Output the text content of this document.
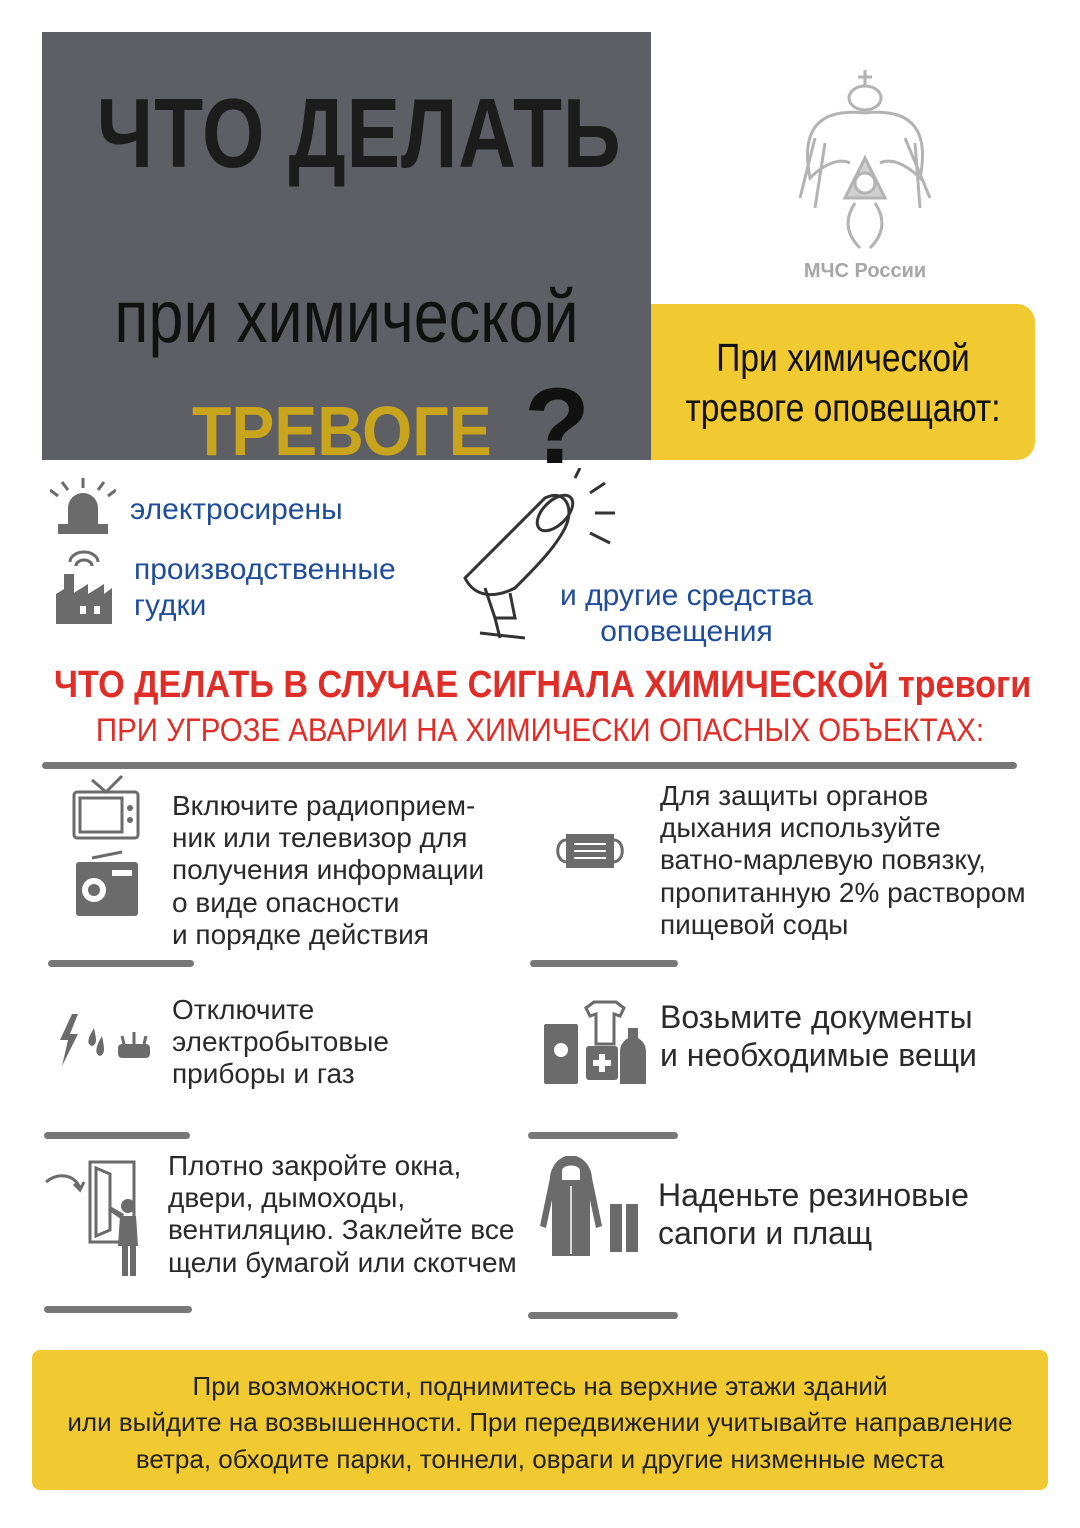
ЧТО ДЕЛАТЬ
при химической
ТРЕВОГЕ ?
МЧС России
При химической
тревоге оповещают:
электросирены
производственные
гудки	и другие средства
оповещения
ЧТО ДЕЛАТЬ В СЛУЧАЕ СИГНАЛА ХИМИЧЕСКОЙ тревоги
ПРИ УГРОЗЕ АВАРИИ НА ХИМИЧЕСКИ ОПАСНЫХ ОБЪЕКТАХ:
Включите радиоприем-
ник или телевизор для
получения информации
о виде опасности
и порядке действия
Для защиты органов
дыхания используйте
ватно-марлевую повязку,
пропитанную 2% раствором
пищевой соды
Отключите
электробытовые
приборы и газ
Возьмите документы
и необходимые вещи
Плотно закройте окна,
двери, дымоходы,
вентиляцию. Заклейте все
щели бумагой или скотчем
Наденьте резиновые
сапоги и плащ
При возможности, поднимитесь на верхние этажи зданий
или выйдите на возвышенности. При передвижении учитывайте направление
ветра, обходите парки, тоннели, овраги и другие низменные места
